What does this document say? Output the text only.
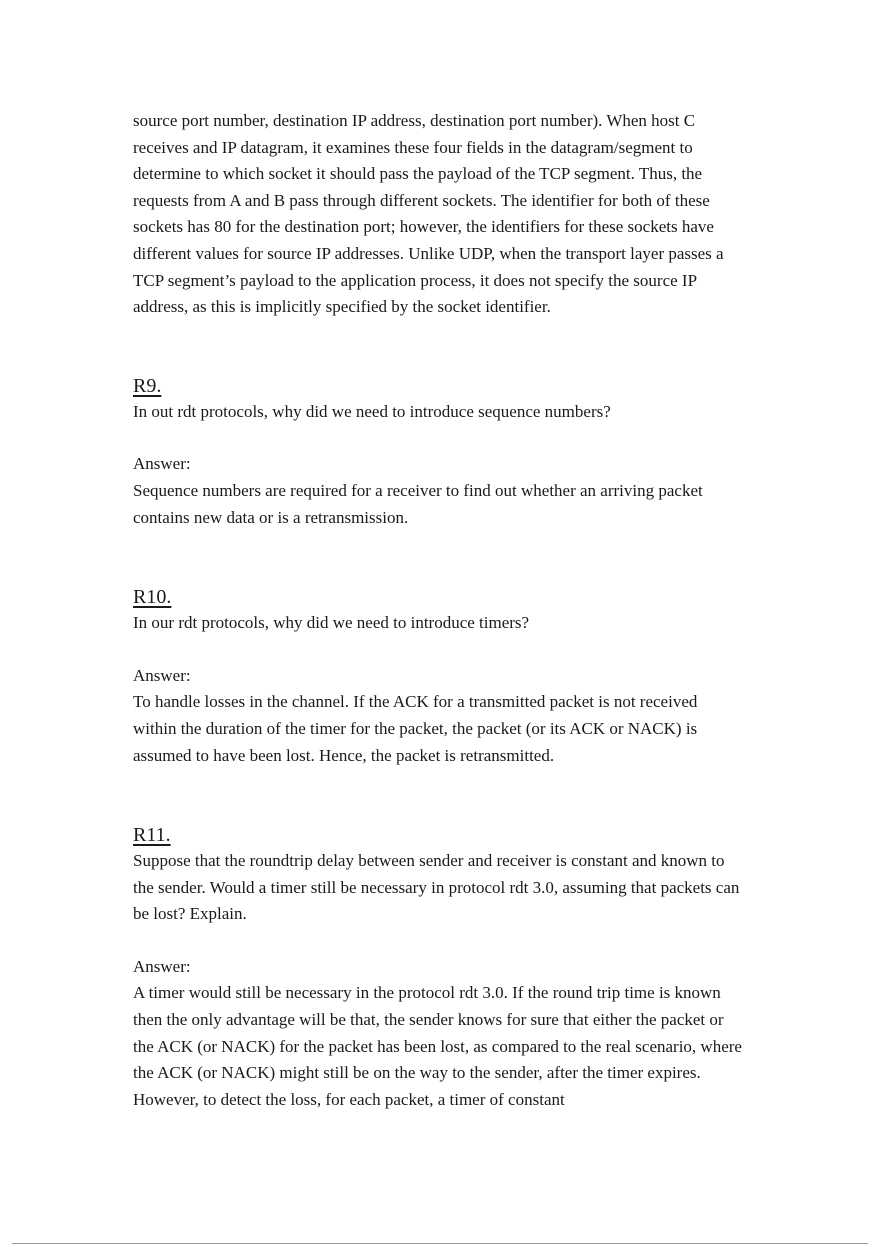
source port number, destination IP address, destination port number). When host C receives and IP datagram, it examines these four fields in the datagram/segment to determine to which socket it should pass the payload of the TCP segment. Thus, the requests from A and B pass through different sockets. The identifier for both of these sockets has 80 for the destination port; however, the identifiers for these sockets have different values for source IP addresses. Unlike UDP, when the transport layer passes a TCP segment’s payload to the application process, it does not specify the source IP address, as this is implicitly specified by the socket identifier.

R9.

In out rdt protocols, why did we need to introduce sequence numbers?

Answer:

Sequence numbers are required for a receiver to find out whether an arriving packet contains new data or is a retransmission.

R10.

In our rdt protocols, why did we need to introduce timers?

Answer:

To handle losses in the channel. If the ACK for a transmitted packet is not received within the duration of the timer for the packet, the packet (or its ACK or NACK) is assumed to have been lost. Hence, the packet is retransmitted.

R11.

Suppose that the roundtrip delay between sender and receiver is constant and known to the sender. Would a timer still be necessary in protocol rdt 3.0, assuming that packets can be lost? Explain.

Answer:

A timer would still be necessary in the protocol rdt 3.0. If the round trip time is known then the only advantage will be that, the sender knows for sure that either the packet or the ACK (or NACK) for the packet has been lost, as compared to the real scenario, where the ACK (or NACK) might still be on the way to the sender, after the timer expires. However, to detect the loss, for each packet, a timer of constant
